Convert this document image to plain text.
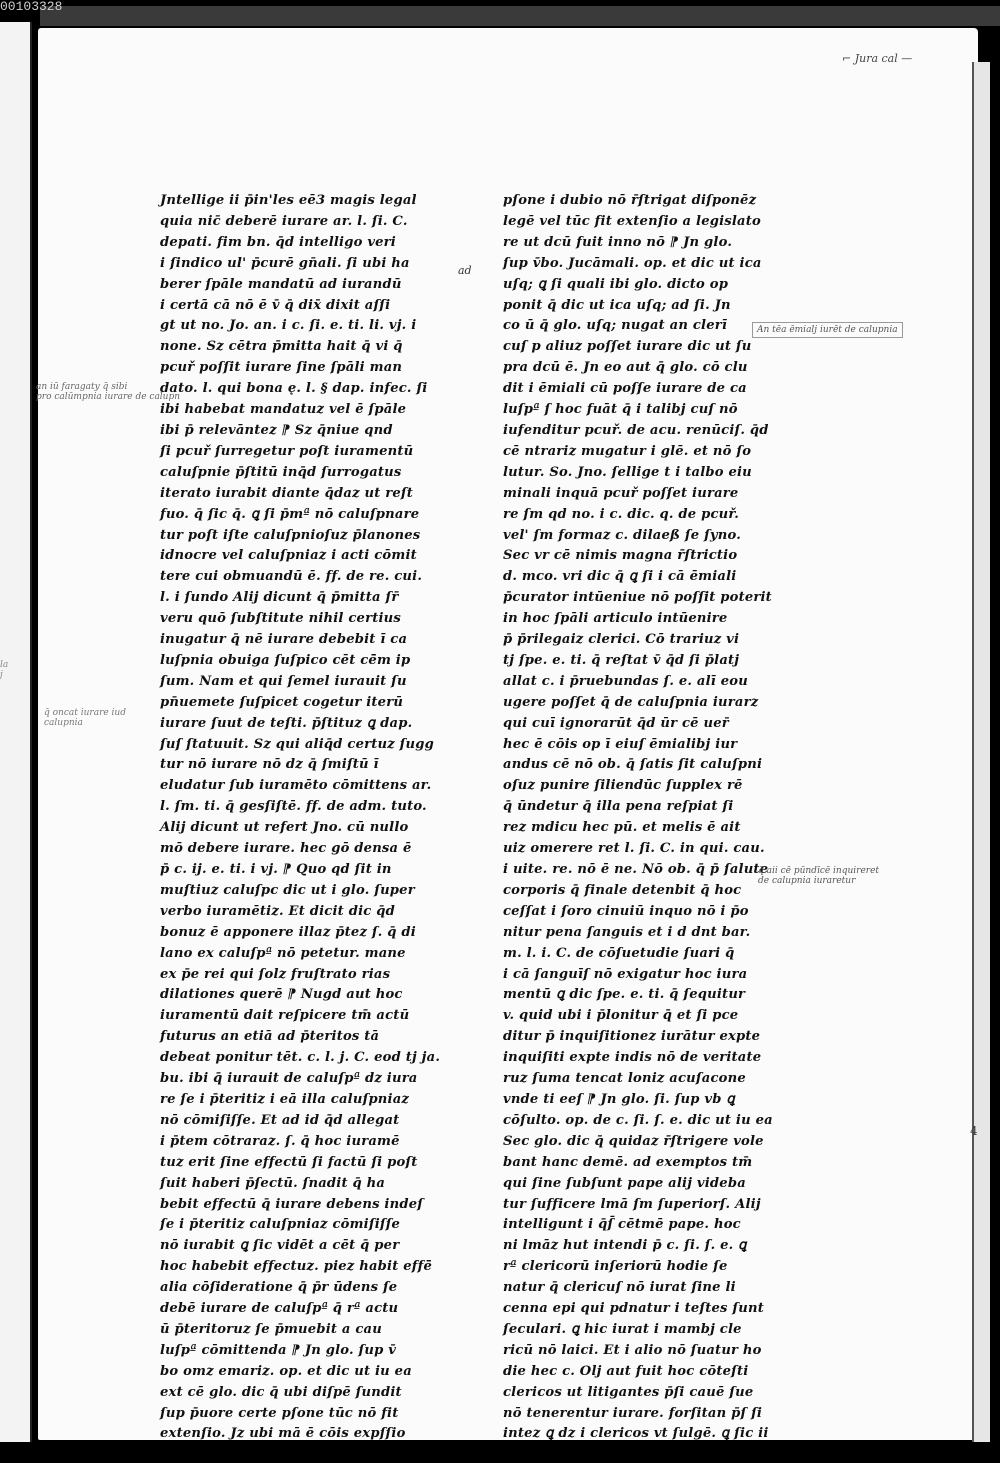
00103328
⌐ Jura cal —
Jntellige ii p̄in'les eē3 magis legal
quia nic̄ deberē iurare ar. l. ſi. C.
depati. fim bn. q̄d intelligo veri
i ſindico ul' p̄curē gn̄ali. ſi ubi ha
berer ſpāle mandatū ad iurandū
i certā cā nō ē v̄ q̄ dix̄ dixit aſſi
gt ut no. Jo. an. i c. ſi. e. ti. li. vj. i
none. Sz cētra p̄mitta hait q̄ vi q̄
pcuř poſſit iurare ſine ſpāli man
dato. l. qui bona ę. l. § dap. infec. ſi
ibi habebat mandatuz vel ē ſpāle
ibi p̄ relevāntez ⁋ Sz q̄niue qnd
ſi pcuř ſurregetur poſt iuramentū
caluſpnie p̄ſtitū inq̄d ſurrogatus
iterato iurabit diante q̄daz ut reſt
fuo. q̄ ſic q̄. ꝗ ſi p̄mª nō caluſpnare
tur poſt iſte caluſpnioſuz p̄lanones
idnocre vel caluſpniaz i acti cōmit
tere cui obmuandū ē. ff. de re. cui.
l. i ſundo Alij dicunt q̄ p̄mitta ſr̄
veru quō ſubſtitute nihil certius
inugatur q̄ nē iurare debebit ī ca
luſpnia obuiga ſuſpico cēt cē̄m ip
ſum. Nam et qui ſemel iurauit ſu
pn̄uemete ſuſpicet cogetur iterū
iurare ſuut de teſti. p̄ſtituz ꝗ dap.
ſuſ ſtatuuit. Sz qui aliq̄d certuz ſugg
tur nō iurare nō dz q̄ ſmiſtū ī
eludatur ſub iuramēto cōmittens ar.
l. ſm. ti. q̄ gesſiſtē. ff. de adm. tuto.
Alij dicunt ut refert Jno. cū nullo
mō debere iurare. hec gō densa ē
p̄ c. ij. e. ti. i vj. ⁋ Quo qd ſit in
muſtiuz caluſpc dic ut i glo. ſuper
verbo iuramētiz. Et dicit dic q̄d
bonuz ē apponere illaz p̄tez ſ. q̄ di
lano ex caluſpª nō petetur. mane
ex p̄e rei qui ſolz fruſtrato rias
dilationes querē ⁋ Nugd aut hoc
iuramentū dait reſpicere tm̄ actū
futurus an etiā ad p̄teritos tā
debeat ponitur tēt. c. l. j. C. eod tj ja.
bu. ibi q̄ iurauit de caluſpª dz iura
re ſe i p̄teritiz i eā illa caluſpniaz
nō cōmiſiſſe. Et ad id q̄d allegat
i p̄tem cōtraraz. ſ. q̄ hoc iuramē
tuz erit ſine effectū ſi factū ſi poſt
ſuit haberi p̄ſectū. ſnadit q̄ ha
bebit effectū q̄ iurare debens indeſ
ſe i p̄teritiz caluſpniaz cōmiſiſſe
nō iurabit ꝗ ſic vidēt a cēt q̄ per
hoc habebit effectuz. piez habit effē̄
alia cōſideratione q̄ p̄r ūdens ſe
debē iurare de caluſpª q̄ rª actu
ū p̄teritoruz ſe p̄muebit a cau
luſpª cōmittenda ⁋ Jn glo. ſup v̄
bo omz emariz. op. et dic ut iu ea
ext cē glo. dic q̄ ubi diſpē ſundit
ſup p̄uore certe pſone tūc nō fit
extenſio. Jz ubi mā ē cōis expſſio
pſone i dubio nō r̄ſtrigat diſponēz
legē vel tūc fit extenſio a legislato
re ut dcū fuit inno nō ⁋ Jn glo.
ſup v̄bo. Jucāmali. op. et dic ut ica
uſq; ꝗ ſi quali ibi glo. dicto op
ponit q̄ dic ut ica uſq; ad ſi. Jn
co ū q̄ glo. uſq; nugat an clerī
cuſ p aliuz poſſet iurare dic ut ſu
pra dcū ē. Jn eo aut q̄ glo. cō clu
dit i ēmiali cū poſſe iurare de ca
luſpª ſ hoc fuāt q̄ i talibj cuſ nō
iufenditur pcuř. de acu. renūciſ. q̄d
cē ntrariz mugatur i glē. et nō ſo
lutur. So. Jno. ſellige t i talbo eiu
minali inquā pcuř poſſet iurare
re ſm qd no. i c. dic. q. de pcuř.
vel' ſm formaz c. dilaeß ſe ſyno.
Sec vr cē nimis magna r̄ſtrictio
d. mco. vri dic q̄ ꝗ ſi i cā ēmiali
p̄curator intūeniue nō poſſit poterit
in hoc ſpāli articulo intūenire
p̄ p̄rilegaiz clerici. Cō trariuz vi
tj ſpe. e. ti. q̄ reſtat v̄ q̄d ſi p̄latj
allat c. i p̄ruebundas ſ. e. alī eou
ugere poſſet q̄ de caluſpnia iurarz
qui cuī ignorarūt q̄d ūr cē uer̄
hec ē cōis op ī eiuſ ēmialibj iur
andus cē nō ob. q̄ ſatis ſit caluſpni
oſuz punire ſiliendūc ſupplex rē
q̄ ūndetur q̄ illa pena reſpiat ſi
rez mdicu hec pū. et melis ē ait
uiz omerere ret l. ſi. C. in qui. cau.
i uite. re. nō ē ne. Nō ob. q̄ p̄ ſalute
corporis q̄ finale detenbit q̄ hoc
ceſſat i ſoro cinuiū inquo nō i p̄o
nitur pena ſanguis et i d dnt bar.
m. l. i. C. de cōſuetudie ſuari q̄
i cā ſanguīſ nō exigatur hoc iura
mentū ꝗ dic ſpe. e. ti. q̄ ſequitur
v. quid ubi i p̄lonitur q̄ et ſi pce
ditur p̄ inquiſitionez iurātur expte
inquiſiti expte indis nō de veritate
ruz ſuma tencat loniz acuſacone
vnde ti eeſ ⁋ Jn glo. ſi. ſup vb ꝗ
cōſulto. op. de c. ſi. ſ. e. dic ut iu ea
Sec glo. dic q̄ quidaz r̄ſtrigere vole
bant hanc demē. ad exemptos tm̄
qui ſine ſubſunt pape alij videba
tur ſufficere lmā ſm ſuperiorſ. Alij
intelligunt i q̄ſ̄ cētmē pape. hoc
ni lmāz hut intendi p̄ c. ſi. ſ. e. ꝗ
rª clericorū inſeriorū hodie ſe
natur q̄ clericuſ nō iurat ſine li
cenna epi qui pdnatur i teſtes ſunt
ſeculari. ꝗ hic iurat i mambj cle
ricū nō laici. Et i alio nō ſuatur ho
die hec c. Olj aut fuit hoc cōteſti
clericos ut litigantes p̄ſi cauē ſue
nō tenerentur iurare. forſitan p̄ſ ſi
intez ꝗ dz i clericos vt ſulgē. ꝗ ſic ii
ad
4
An tēa ēmialj iurēt de calupnia
q̄ aii cē pūndīcē inquireret
de calupnia iuraretur
an iū faragaty q̄ sibi
pro calūmpnia iurare de calupn
q̄ oncat iurare iud
calupnia
la
j
